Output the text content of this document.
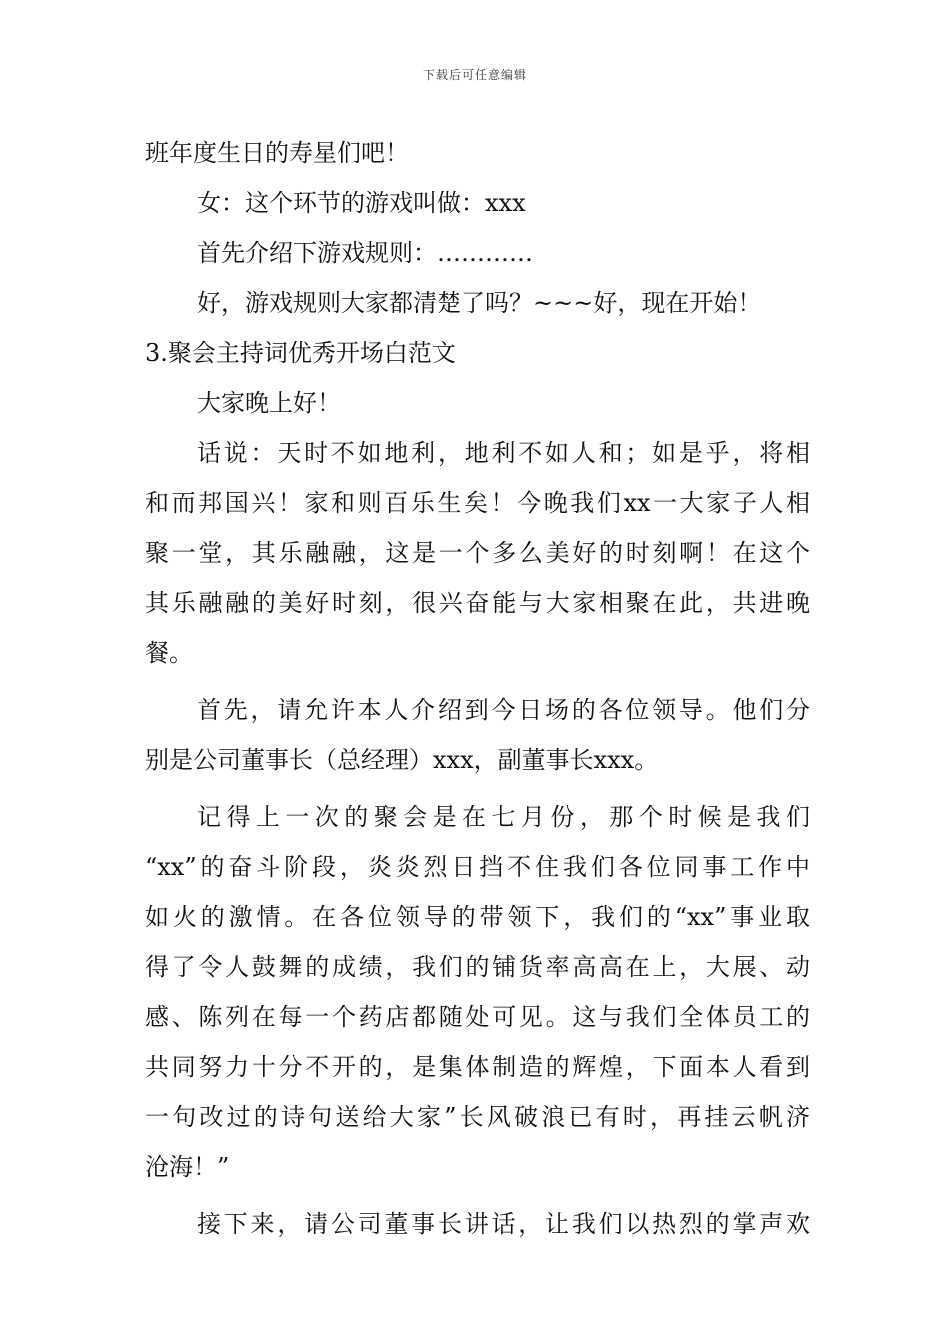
下载后可任意编辑
班年度生日的寿星们吧！
女：这个环节的游戏叫做：xxx
首先介绍下游戏规则：…………
好，游戏规则大家都清楚了吗？~~~好，现在开始！
3.聚会主持词优秀开场白范文
大家晚上好！
话说：天时不如地利，地利不如人和；如是乎，将相
和而邦国兴！家和则百乐生矣！今晚我们xx一大家子人相
聚一堂，其乐融融，这是一个多么美好的时刻啊！在这个
其乐融融的美好时刻，很兴奋能与大家相聚在此，共进晚
餐。
首先，请允许本人介绍到今日场的各位领导。他们分
别是公司董事长（总经理）xxx，副董事长xxx。
记得上一次的聚会是在七月份，那个时候是我们
“xx”的奋斗阶段，炎炎烈日挡不住我们各位同事工作中
如火的激情。在各位领导的带领下，我们的“xx”事业取
得了令人鼓舞的成绩，我们的铺货率高高在上，大展、动
感、陈列在每一个药店都随处可见。这与我们全体员工的
共同努力十分不开的，是集体制造的辉煌，下面本人看到
一句改过的诗句送给大家”长风破浪已有时，再挂云帆济
沧海！”
接下来，请公司董事长讲话，让我们以热烈的掌声欢
